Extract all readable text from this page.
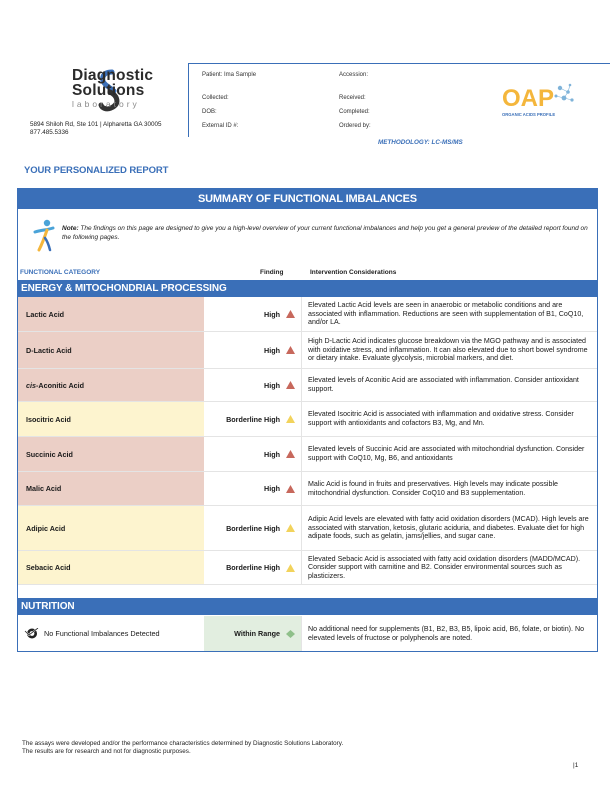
Diagnostic
Solutions
laboratory
5894 Shiloh Rd, Ste 101 | Alpharetta GA 30005
877.485.5336
Patient: Ima Sample	Accession:
Collected:	Received:
DOB:	Completed:
External ID #:	Ordered by:
OAP
ORGANIC ACIDS PROFILE
METHODOLOGY: LC-MS/MS
YOUR PERSONALIZED REPORT
SUMMARY OF FUNCTIONAL IMBALANCES
Note: The findings on this page are designed to give you a high-level overview of your current functional imbalances and help you get a general preview of the detailed report found on the following pages.
FUNCTIONAL CATEGORY	Finding	Intervention Considerations
ENERGY & MITOCHONDRIAL PROCESSING
Lactic Acid	High
Elevated Lactic Acid levels are seen in anaerobic or metabolic conditions and are associated with inflammation. Reductions are seen with supplementation of B1, CoQ10, and/or LA.
D-Lactic Acid	High
High D-Lactic Acid indicates glucose breakdown via the MGO pathway and is associated with oxidative stress, and inflammation. It can also elevated due to short bowel syndrome or dietary intake. Evaluate glycolysis, microbial markers, and diet.
cis-Aconitic Acid	High
Elevated levels of Aconitic Acid are associated with inflammation. Consider antioxidant support.
Isocitric Acid	Borderline High
Elevated Isocitric Acid is associated with inflammation and oxidative stress. Consider support with antioxidants and cofactors B3, Mg, and Mn.
Succinic Acid	High
Elevated levels of Succinic Acid are associated with mitochondrial dysfunction. Consider support with CoQ10, Mg, B6, and antioxidants
Malic Acid	High
Malic Acid is found in fruits and preservatives. High levels may indicate possible mitochondrial dysfunction. Consider CoQ10 and B3 supplementation.
Adipic Acid	Borderline High
Adipic Acid levels are elevated with fatty acid oxidation disorders (MCAD). High levels are associated with starvation, ketosis, glutaric aciduria, and diabetes. Evaluate diet for high adipate foods, such as gelatin, jams/jellies, and sugar cane.
Sebacic Acid	Borderline High
Elevated Sebacic Acid is associated with fatty acid oxidation disorders (MADD/MCAD). Consider support with carnitine and B2. Consider environmental sources such as plasticizers.
NUTRITION
No Functional Imbalances Detected	Within Range
No additional need for supplements (B1, B2, B3, B5, lipoic acid, B6, folate, or biotin). No elevated levels of fructose or polyphenols are noted.
The assays were developed and/or the performance characteristics determined by Diagnostic Solutions Laboratory. The results are for research and not for diagnostic purposes.
|1
